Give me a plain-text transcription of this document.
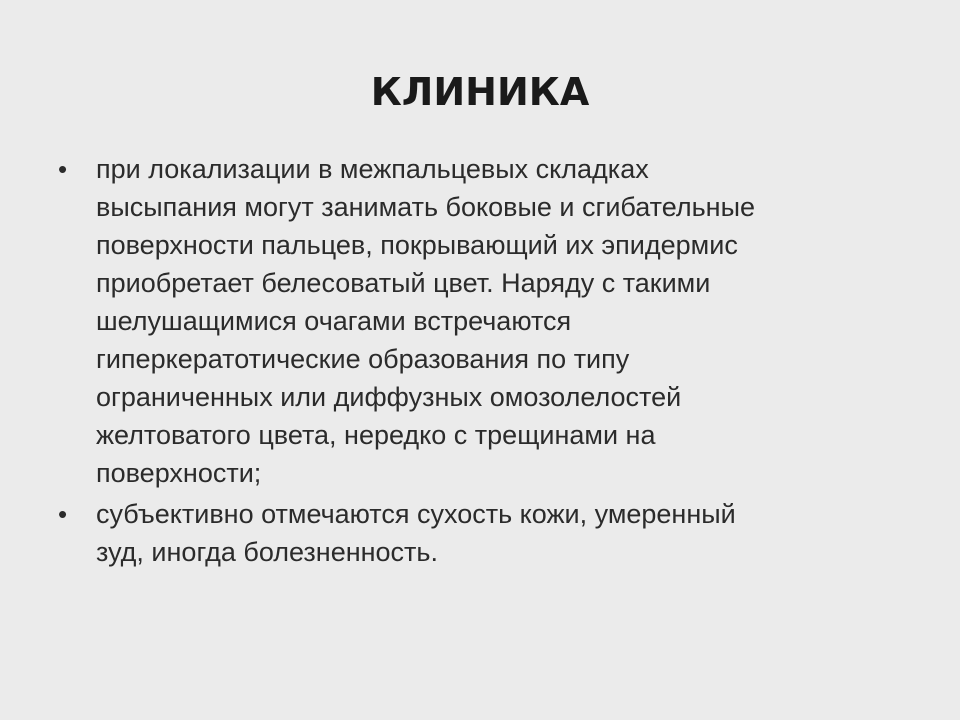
КЛИНИКА
•	при локализации в межпальцевых складках
высыпания могут занимать боковые и сгибательные
поверхности пальцев, покрывающий их эпидермис
приобретает белесоватый цвет. Наряду с такими
шелушащимися очагами встречаются
гиперкератотические образования по типу
ограниченных или диффузных омозолелостей
желтоватого цвета, нередко с трещинами на
поверхности;
•	субъективно отмечаются сухость кожи, умеренный
зуд, иногда болезненность.
